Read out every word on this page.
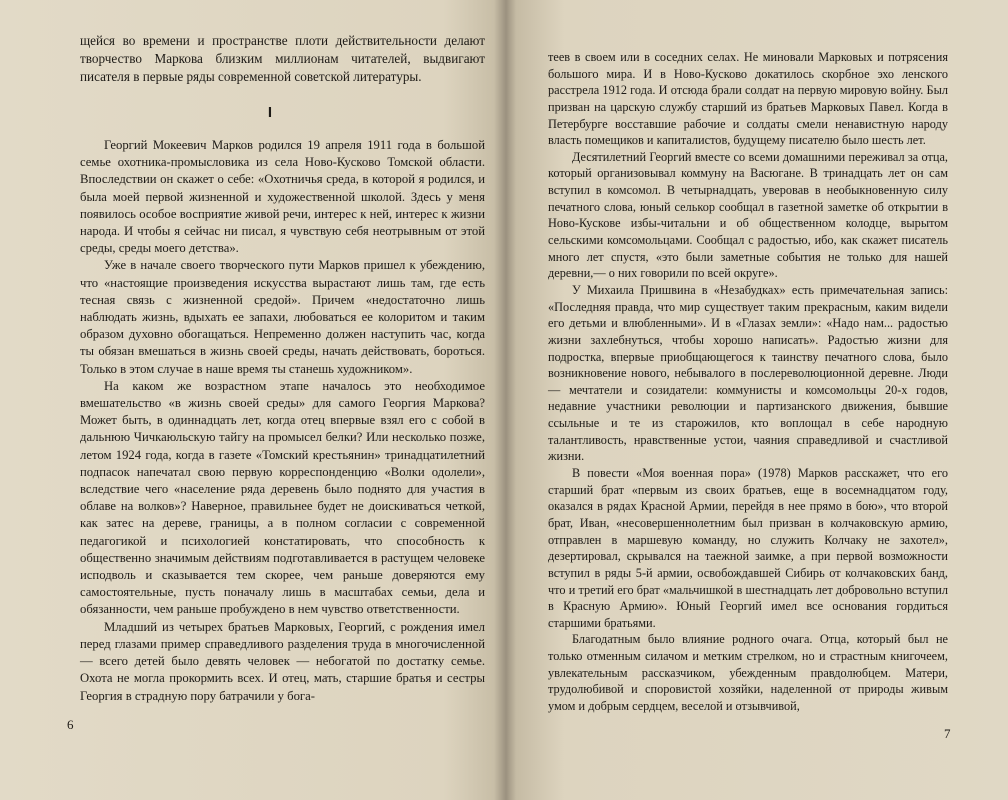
щейся во времени и пространстве плоти действительности делают творчество Маркова близким миллионам читателей, выдвигают писателя в первые ряды современной советской литературы.

I

Георгий Мокеевич Марков родился 19 апреля 1911 года в большой семье охотника-промысловика из села Ново-Кусково Томской области. Впоследствии он скажет о себе: «Охотничья среда, в которой я родился, и была моей первой жизненной и художественной школой. Здесь у меня появилось особое восприятие живой речи, интерес к ней, интерес к жизни народа. И чтобы я сейчас ни писал, я чувствую себя неотрывным от этой среды, среды моего детства».

Уже в начале своего творческого пути Марков пришел к убеждению, что «настоящие произведения искусства вырастают лишь там, где есть тесная связь с жизненной средой». Причем «недостаточно лишь наблюдать жизнь, вдыхать ее запахи, любоваться ее колоритом и таким образом духовно обогащаться. Непременно должен наступить час, когда ты обязан вмешаться в жизнь своей среды, начать действовать, бороться. Только в этом случае в наше время ты станешь художником».

На каком же возрастном этапе началось это необходимое вмешательство «в жизнь своей среды» для самого Георгия Маркова? Может быть, в одиннадцать лет, когда отец впервые взял его с собой в дальнюю Чичкаюльскую тайгу на промысел белки? Или несколько позже, летом 1924 года, когда в газете «Томский крестьянин» тринадцатилетний подпасок напечатал свою первую корреспонденцию «Волки одолели», вследствие чего «население ряда деревень было поднято для участия в облаве на волков»? Наверное, правильнее будет не доискиваться четкой, как затес на дереве, границы, а в полном согласии с современной педагогикой и психологией констатировать, что способность к общественно значимым действиям подготавливается в растущем человеке исподволь и сказывается тем скорее, чем раньше доверяются ему самостоятельные, пусть поначалу лишь в масштабах семьи, дела и обязанности, чем раньше пробуждено в нем чувство ответственности.

Младший из четырех братьев Марковых, Георгий, с рождения имел перед глазами пример справедливого разделения труда в многочисленной — всего детей было девять человек — небогатой по достатку семье. Охота не могла прокормить всех. И отец, мать, старшие братья и сестры Георгия в страдную пору батрачили у бога-

6

теев в своем или в соседних селах. Не миновали Марковых и потрясения большого мира. И в Ново-Кусково докатилось скорбное эхо ленского расстрела 1912 года. И отсюда брали солдат на первую мировую войну. Был призван на царскую службу старший из братьев Марковых Павел. Когда в Петербурге восставшие рабочие и солдаты смели ненавистную народу власть помещиков и капиталистов, будущему писателю было шесть лет.

Десятилетний Георгий вместе со всеми домашними переживал за отца, который организовывал коммуну на Васюгане. В тринадцать лет он сам вступил в комсомол. В четырнадцать, уверовав в необыкновенную силу печатного слова, юный селькор сообщал в газетной заметке об открытии в Ново-Кускове избы-читальни и об общественном колодце, вырытом сельскими комсомольцами. Сообщал с радостью, ибо, как скажет писатель много лет спустя, «это были заметные события не только для нашей деревни,— о них говорили по всей округе».

У Михаила Пришвина в «Незабудках» есть примечательная запись: «Последняя правда, что мир существует таким прекрасным, каким видели его детьми и влюбленными». И в «Глазах земли»: «Надо нам... радостью жизни захлебнуться, чтобы хорошо написать». Радостью жизни для подростка, впервые приобщающегося к таинству печатного слова, было возникновение нового, небывалого в послереволюционной деревне. Люди — мечтатели и созидатели: коммунисты и комсомольцы 20-х годов, недавние участники революции и партизанского движения, бывшие ссыльные и те из старожилов, кто воплощал в себе народную талантливость, нравственные устои, чаяния справедливой и счастливой жизни.

В повести «Моя военная пора» (1978) Марков расскажет, что его старший брат «первым из своих братьев, еще в восемнадцатом году, оказался в рядах Красной Армии, перейдя в нее прямо в бою», что второй брат, Иван, «несовершеннолетним был призван в колчаковскую армию, отправлен в маршевую команду, но служить Колчаку не захотел», дезертировал, скрывался на таежной заимке, а при первой возможности вступил в ряды 5-й армии, освобождавшей Сибирь от колчаковских банд, что и третий его брат «мальчишкой в шестнадцать лет добровольно вступил в Красную Армию». Юный Георгий имел все основания гордиться старшими братьями.

Благодатным было влияние родного очага. Отца, который был не только отменным силачом и метким стрелком, но и страстным книгочеем, увлекательным рассказчиком, убежденным правдолюбцем. Матери, трудолюбивой и споровистой хозяйки, наделенной от природы живым умом и добрым сердцем, веселой и отзывчивой,

7
